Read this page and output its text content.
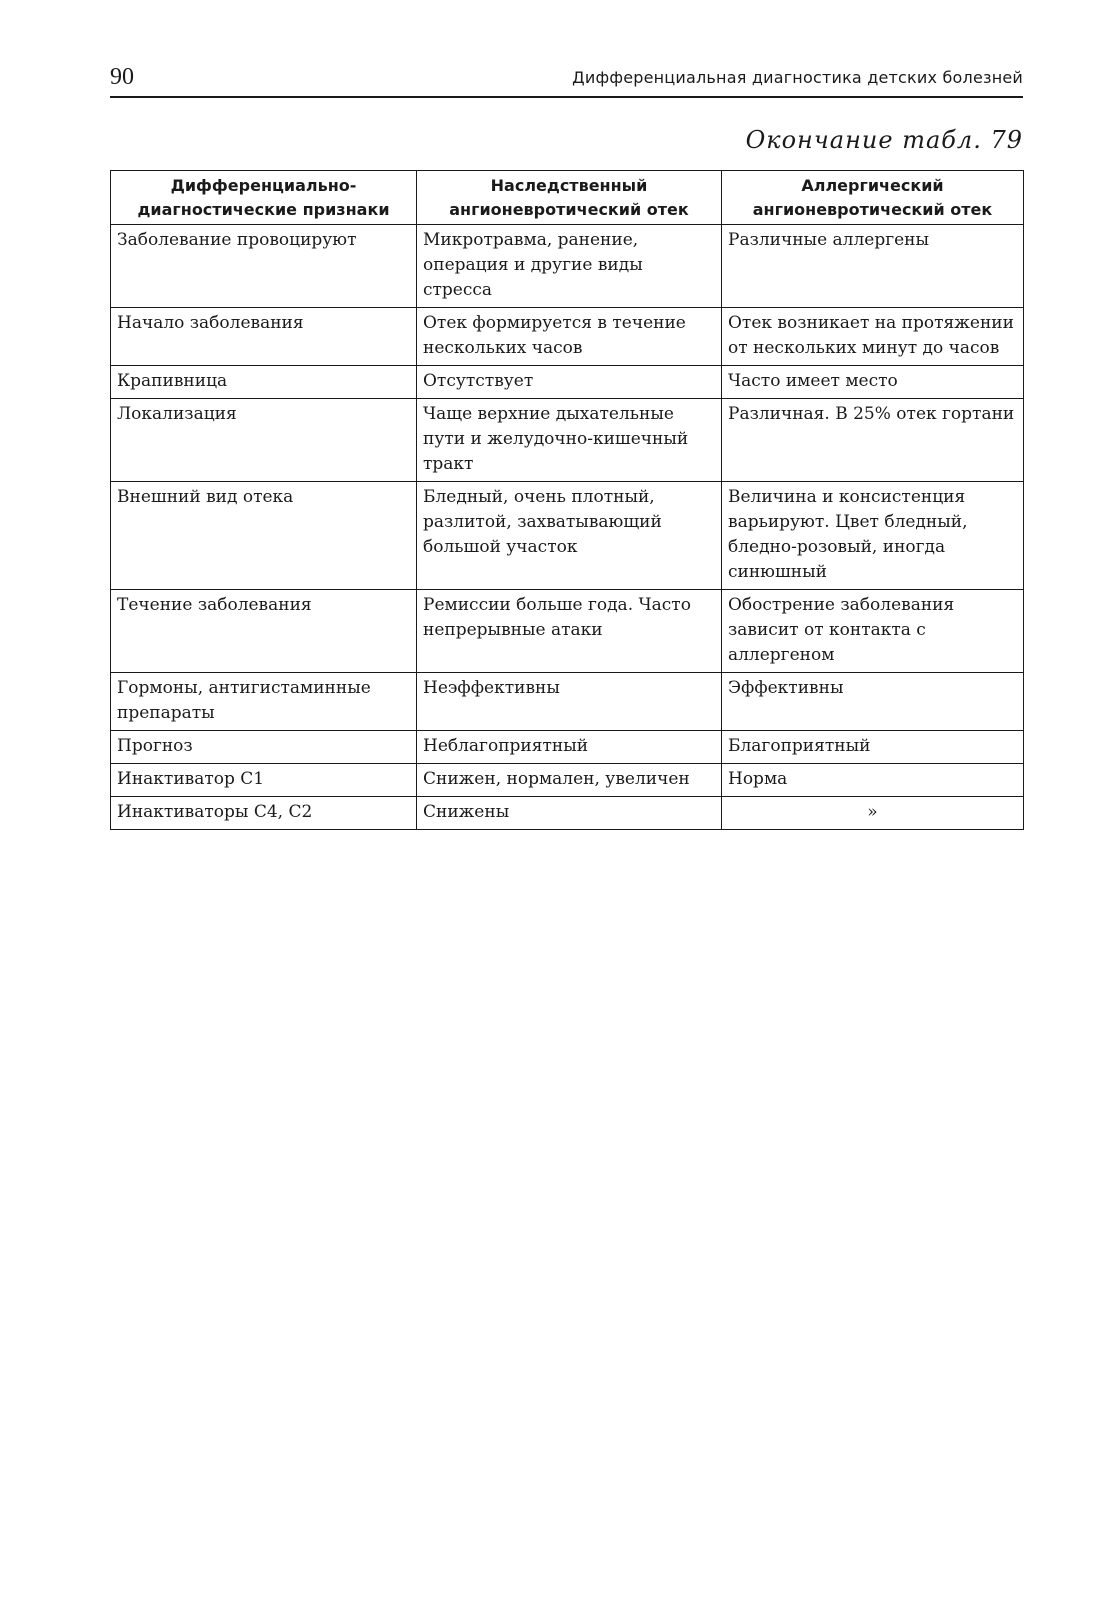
90	Дифференциальная диагностика детских болезней
Окончание табл. 79
Дифференциально-диагностические признаки	Наследственный ангионевротический отек	Аллергический ангионевротический отек
Заболевание провоцируют	Микротравма, ранение, операция и другие виды стресса	Различные аллергены
Начало заболевания	Отек формируется в течение нескольких часов	Отек возникает на протяжении от нескольких минут до часов
Крапивница	Отсутствует	Часто имеет место
Локализация	Чаще верхние дыхательные пути и желудочно-кишечный тракт	Различная. В 25% отек гортани
Внешний вид отека	Бледный, очень плотный, разлитой, захватывающий большой участок	Величина и консистенция варьируют. Цвет бледный, бледно-розовый, иногда синюшный
Течение заболевания	Ремиссии больше года. Часто непрерывные атаки	Обострение заболевания зависит от контакта с аллергеном
Гормоны, антигистаминные препараты	Неэффективны	Эффективны
Прогноз	Неблагоприятный	Благоприятный
Инактиватор C1	Снижен, нормален, увеличен	Норма
Инактиваторы C4, C2	Снижены	»
